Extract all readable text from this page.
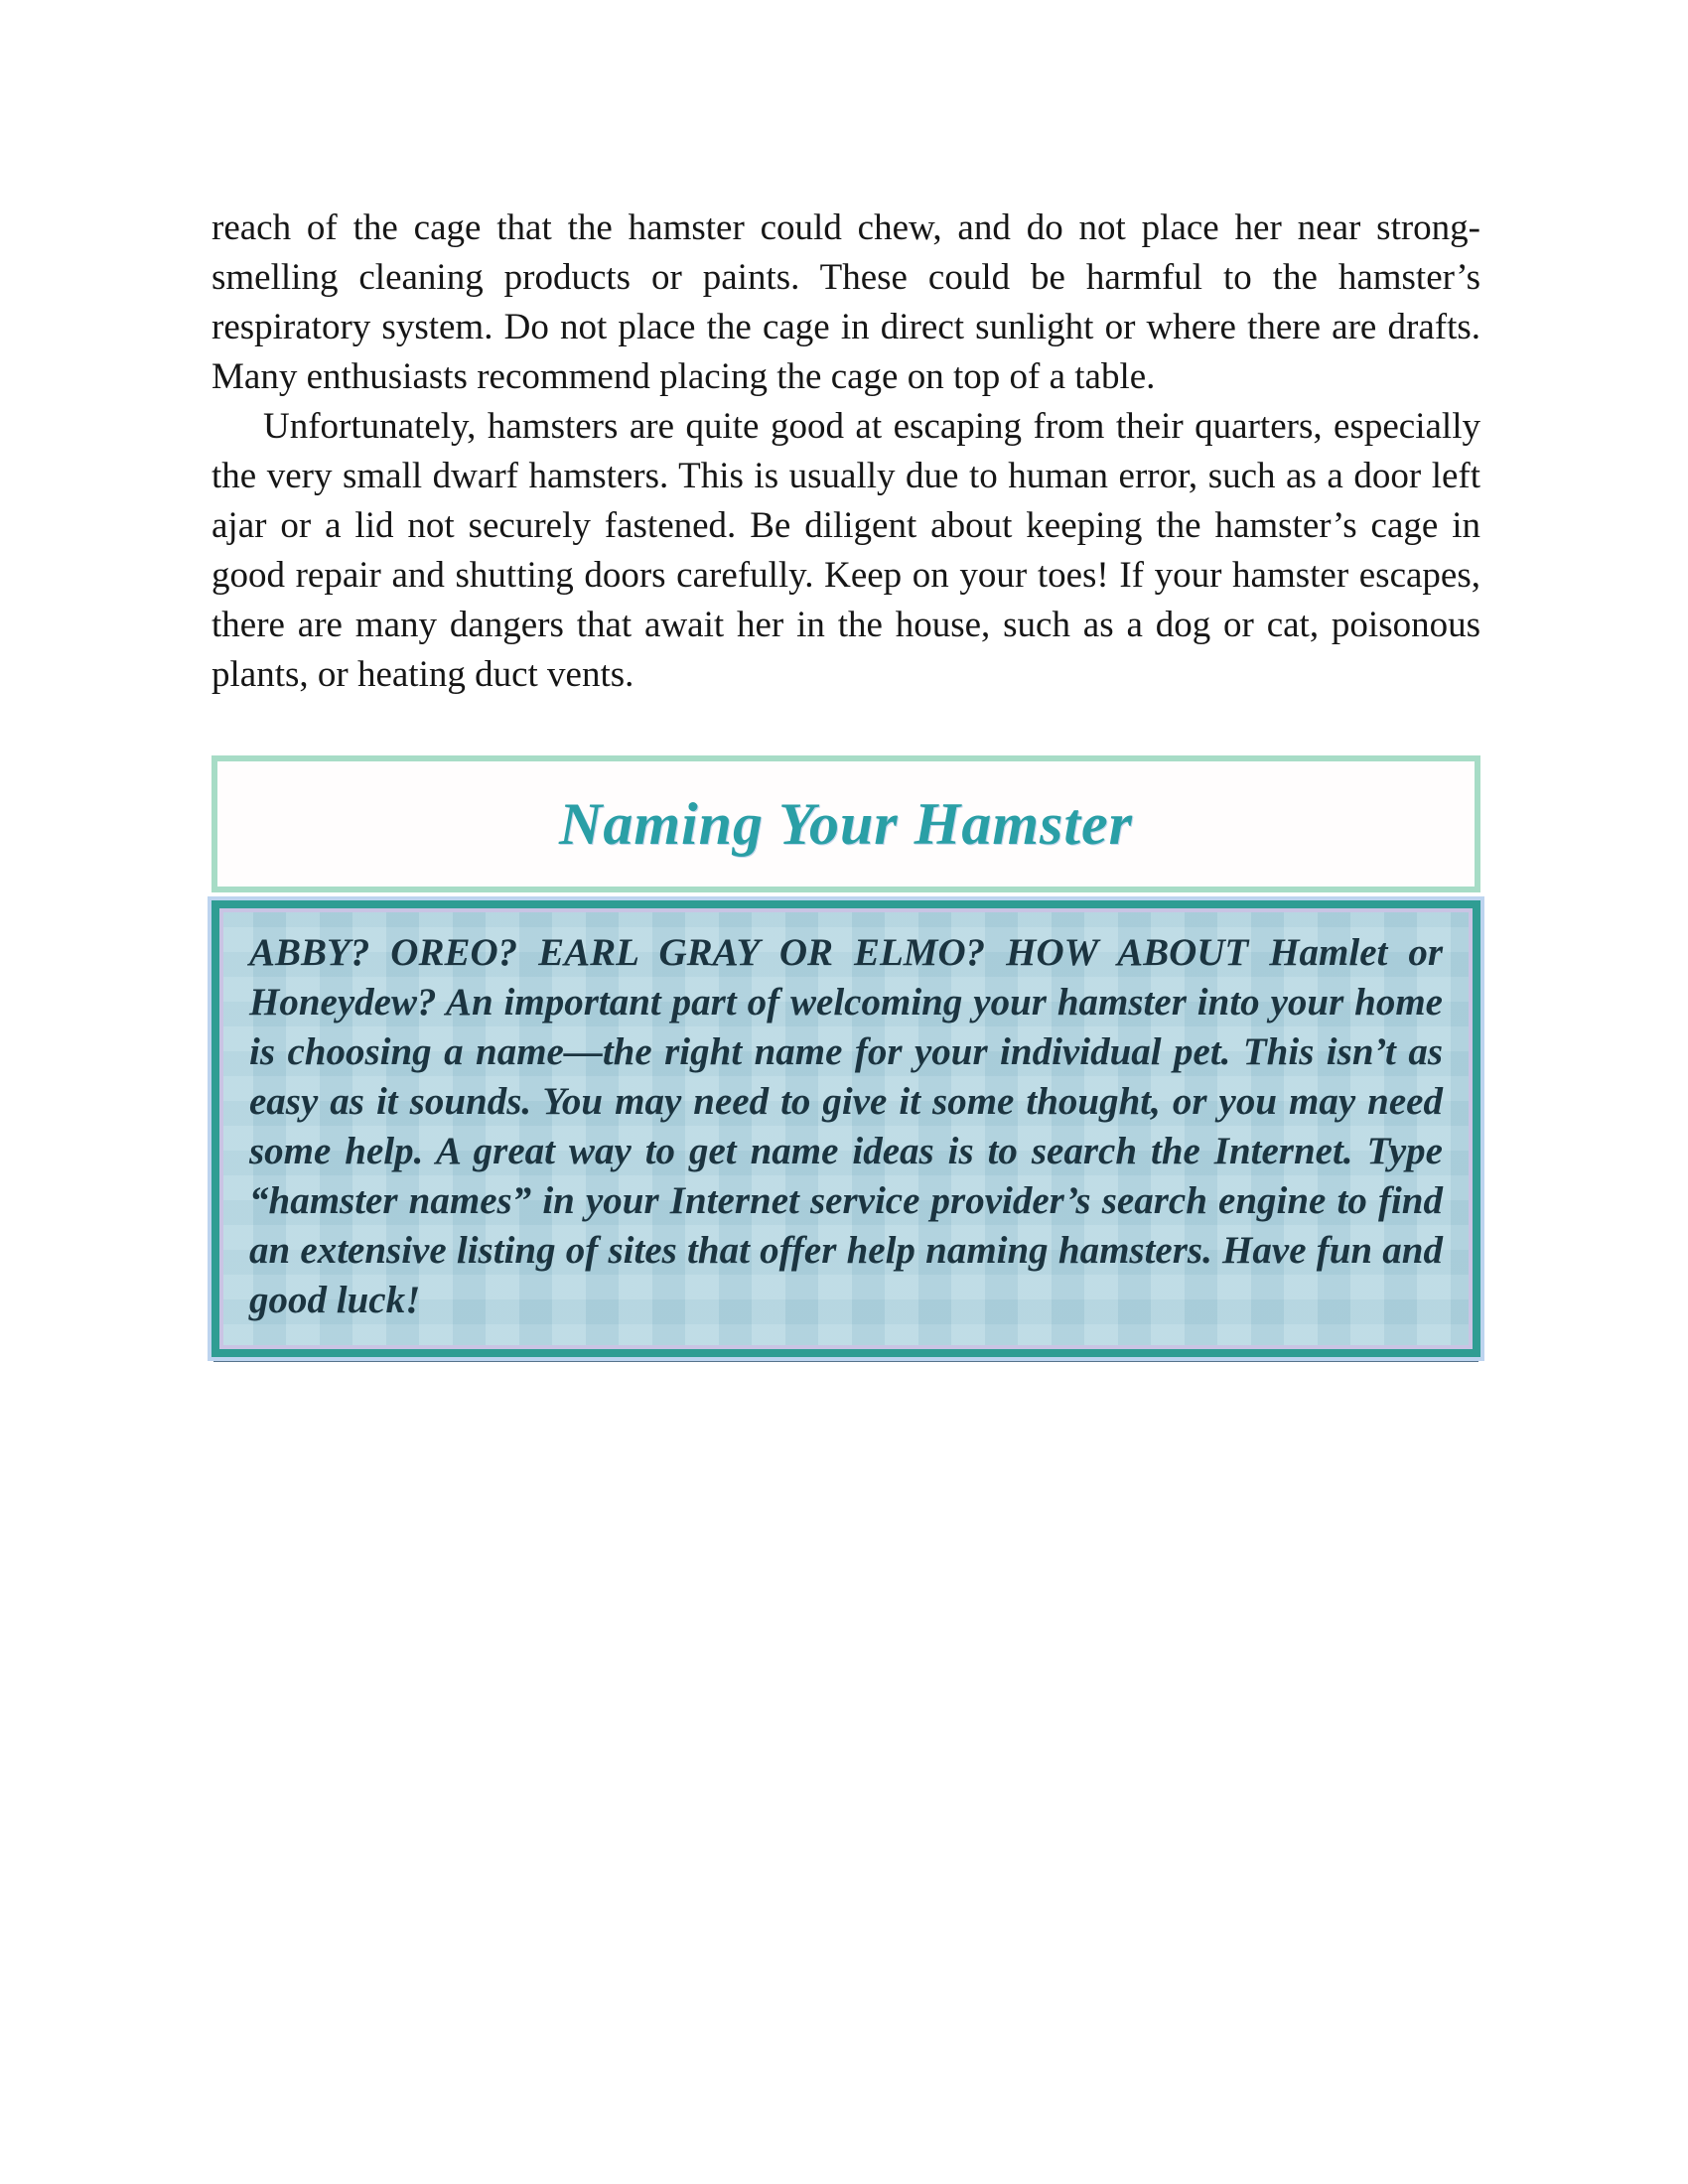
reach of the cage that the hamster could chew, and do not place her near strong-smelling cleaning products or paints. These could be harmful to the hamster’s respiratory system. Do not place the cage in direct sunlight or where there are drafts. Many enthusiasts recommend placing the cage on top of a table.

Unfortunately, hamsters are quite good at escaping from their quarters, especially the very small dwarf hamsters. This is usually due to human error, such as a door left ajar or a lid not securely fastened. Be diligent about keeping the hamster’s cage in good repair and shutting doors carefully. Keep on your toes! If your hamster escapes, there are many dangers that await her in the house, such as a dog or cat, poisonous plants, or heating duct vents.

Naming Your Hamster

ABBY? OREO? EARL GRAY OR ELMO? HOW ABOUT Hamlet or Honeydew? An important part of welcoming your hamster into your home is choosing a name—the right name for your individual pet. This isn’t as easy as it sounds. You may need to give it some thought, or you may need some help. A great way to get name ideas is to search the Internet. Type “hamster names” in your Internet service provider’s search engine to find an extensive listing of sites that offer help naming hamsters. Have fun and good luck!
